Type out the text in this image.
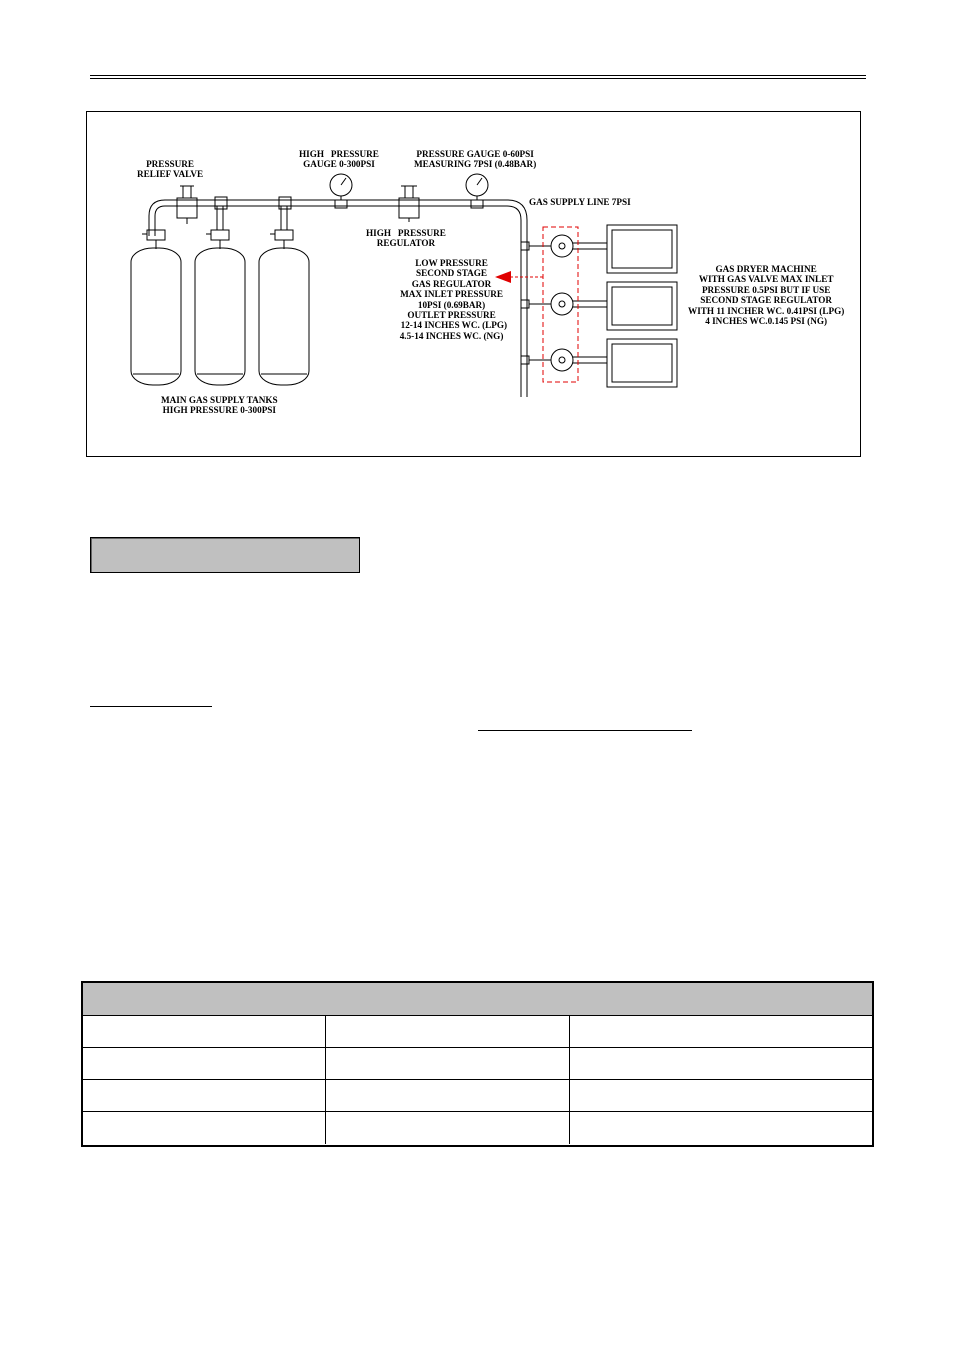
PRESSURE
RELIEF VALVE
HIGH   PRESSURE
GAUGE 0-300PSI
PRESSURE GAUGE 0-60PSI
MEASURING 7PSI (0.48BAR)
GAS SUPPLY LINE 7PSI
HIGH   PRESSURE
REGULATOR
LOW PRESSURE
SECOND STAGE
GAS REGULATOR
MAX INLET PRESSURE
10PSI (0.69BAR)
OUTLET PRESSURE
12-14 INCHES WC. (LPG)
4.5-14 INCHES WC. (NG)
GAS DRYER MACHINE
WITH GAS VALVE MAX INLET
PRESSURE 0.5PSI BUT IF USE
SECOND STAGE REGULATOR
WITH 11 INCHER WC. 0.41PSI (LPG)
4 INCHES WC.0.145 PSI (NG)
MAIN GAS SUPPLY TANKS
HIGH PRESSURE 0-300PSI
